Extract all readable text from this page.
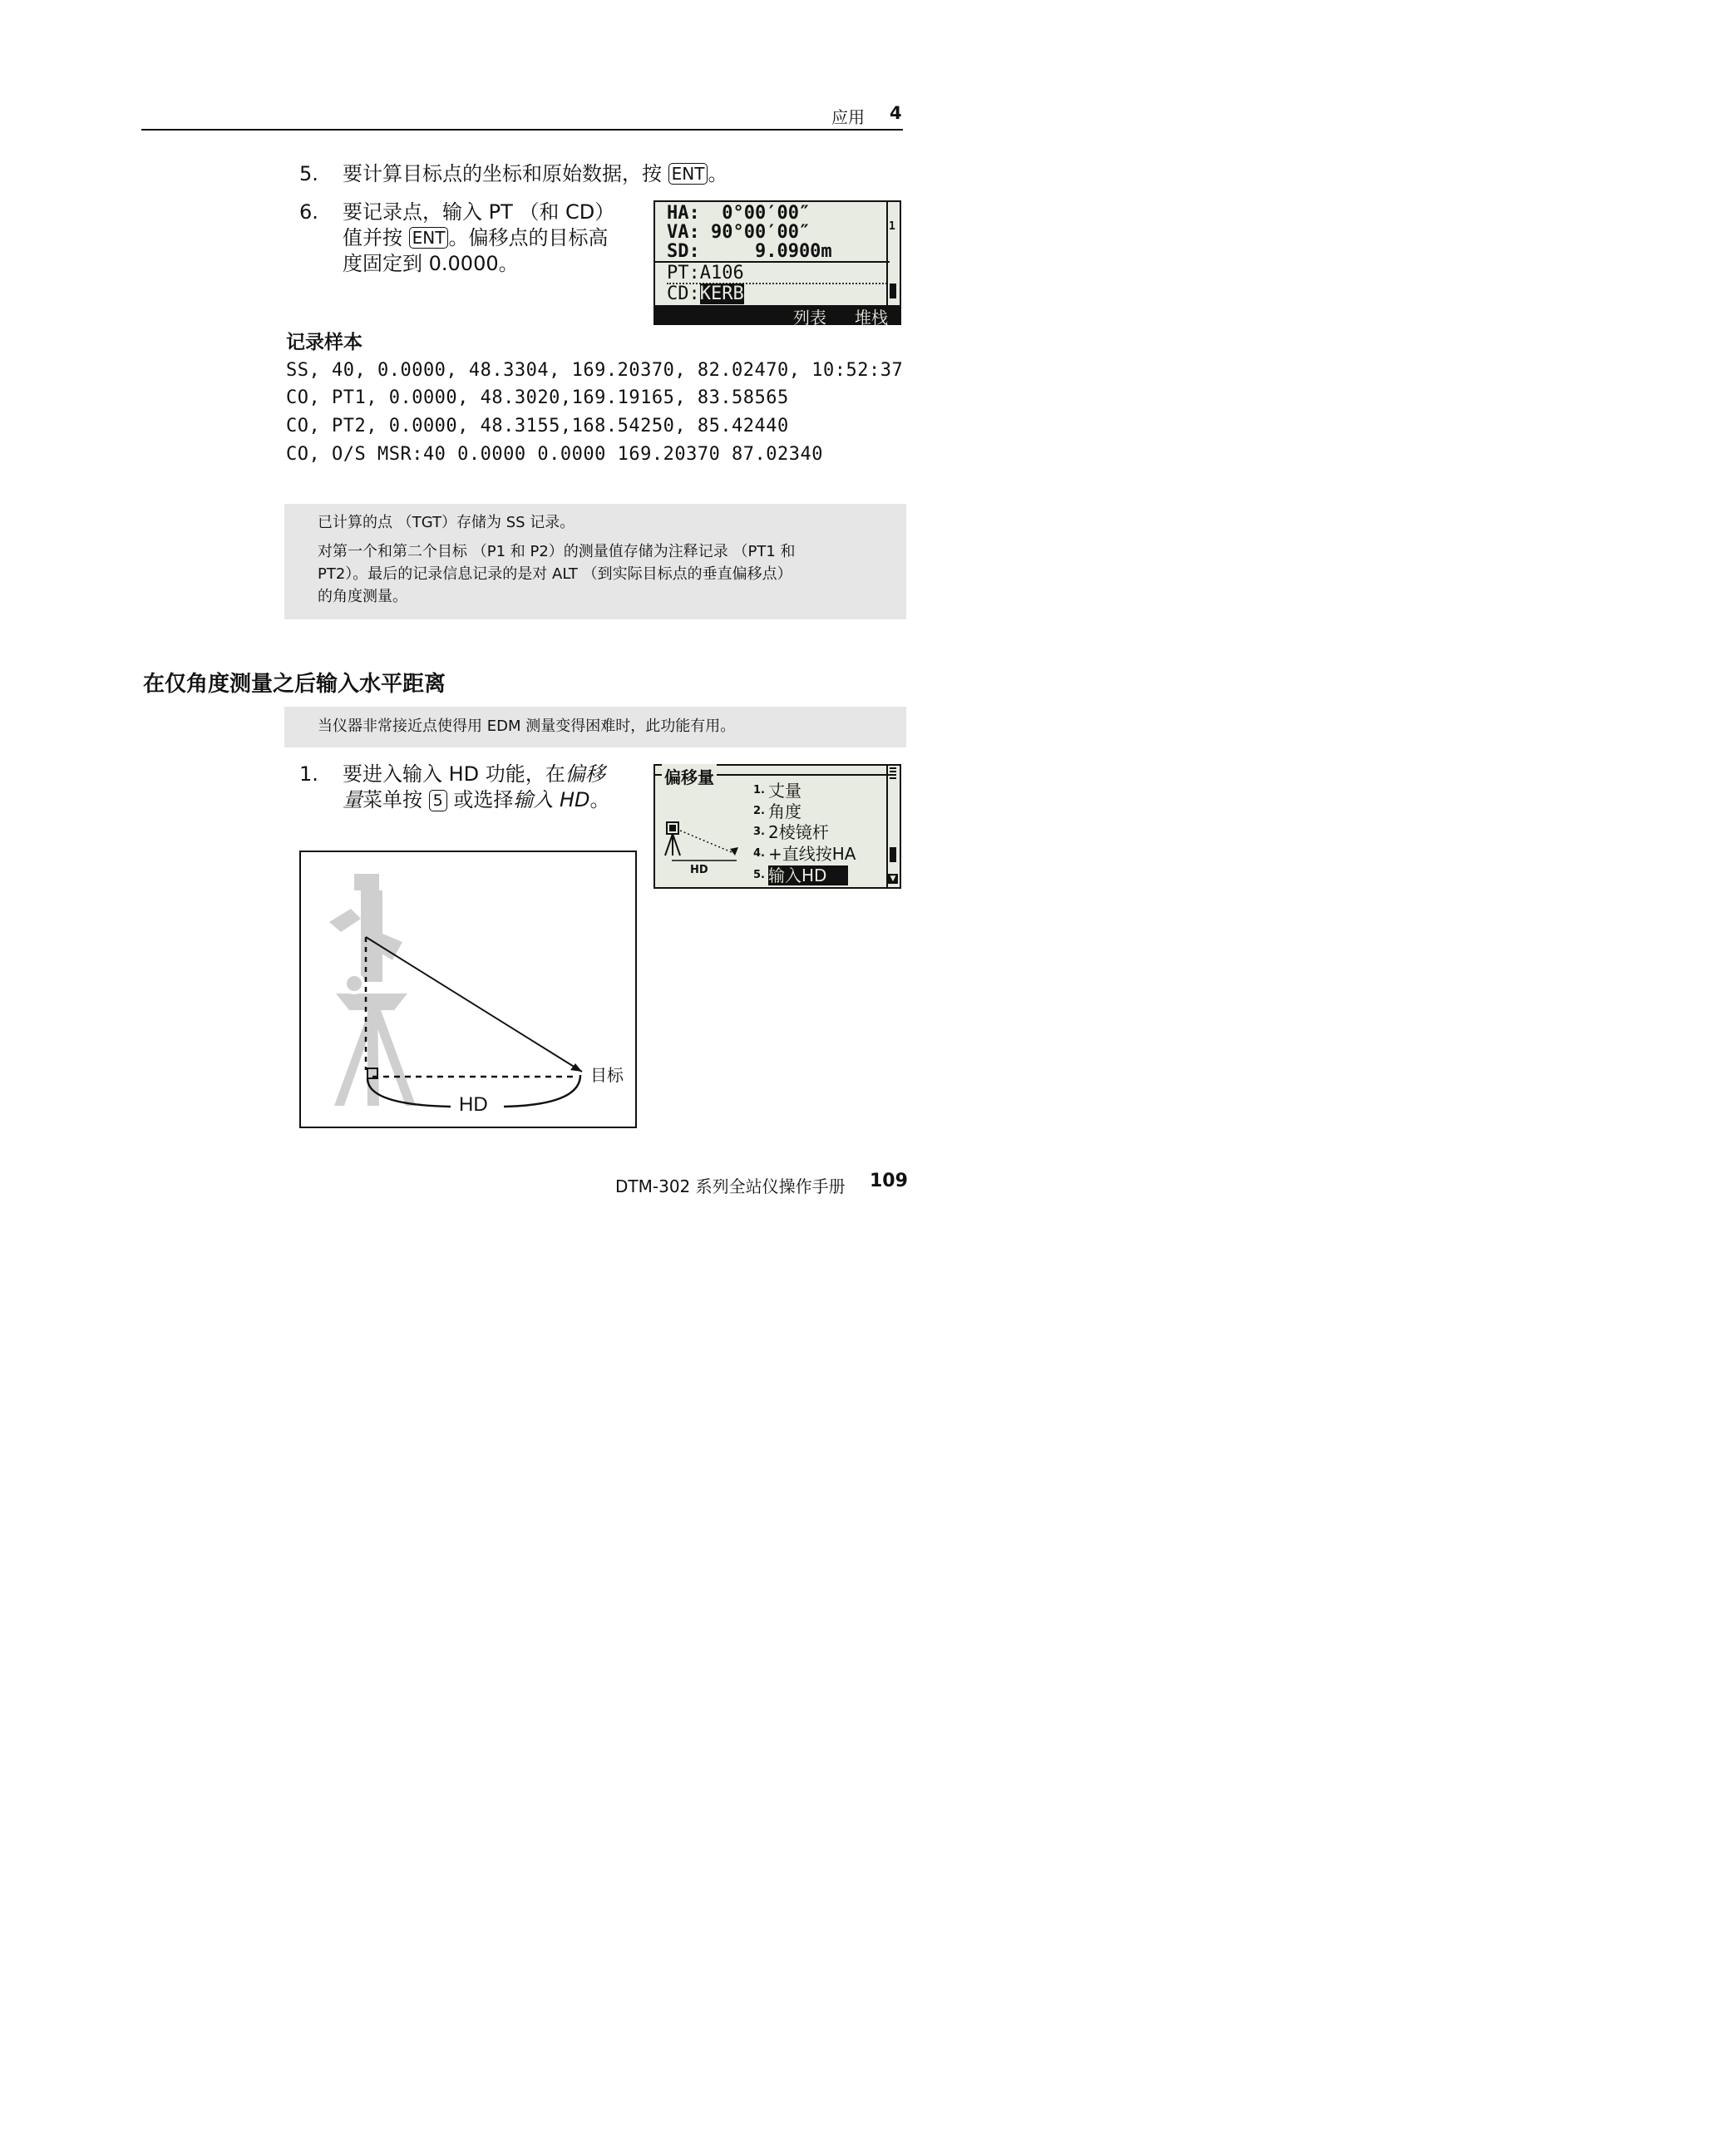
应用 4
5. 要计算目标点的坐标和原始数据，按 ENT 。
6. 要记录点，输入 PT （和 CD）
值并按 ENT 。偏移点的目标高
度固定到 0.0000。
HA:  0°00′00″
VA: 90°00′00″
SD:     9.0900m
PT:A106
CD:KERB
1
列表 堆栈
记录样本
SS, 40, 0.0000, 48.3304, 169.20370, 82.02470, 10:52:37
CO, PT1, 0.0000, 48.3020,169.19165, 83.58565
CO, PT2, 0.0000, 48.3155,168.54250, 85.42440
CO, O/S MSR:40 0.0000 0.0000 169.20370 87.02340

已计算的点 （TGT）存储为 SS 记录。

对第一个和第二个目标 （P1 和 P2）的测量值存储为注释记录 （PT1 和

PT2）。最后的记录信息记录的是对 ALT （到实际目标点的垂直偏移点）

的角度测量。

在仅角度测量之后输入水平距离

当仪器非常接近点使得用 EDM 测量变得困难时，此功能有用。

1. 要进入输入 HD 功能，在偏移
量菜单按 5 或选择输入 HD。
偏移量
$^{1.}$ 丈量
$^{2.}$ 角度
$^{3.}$ 2棱镜杆
$^{4.}$ +直线按HA
$^{5.}$ 输入HD
HD
▼
目标
HD
DTM-302 系列全站仪操作手册 109
